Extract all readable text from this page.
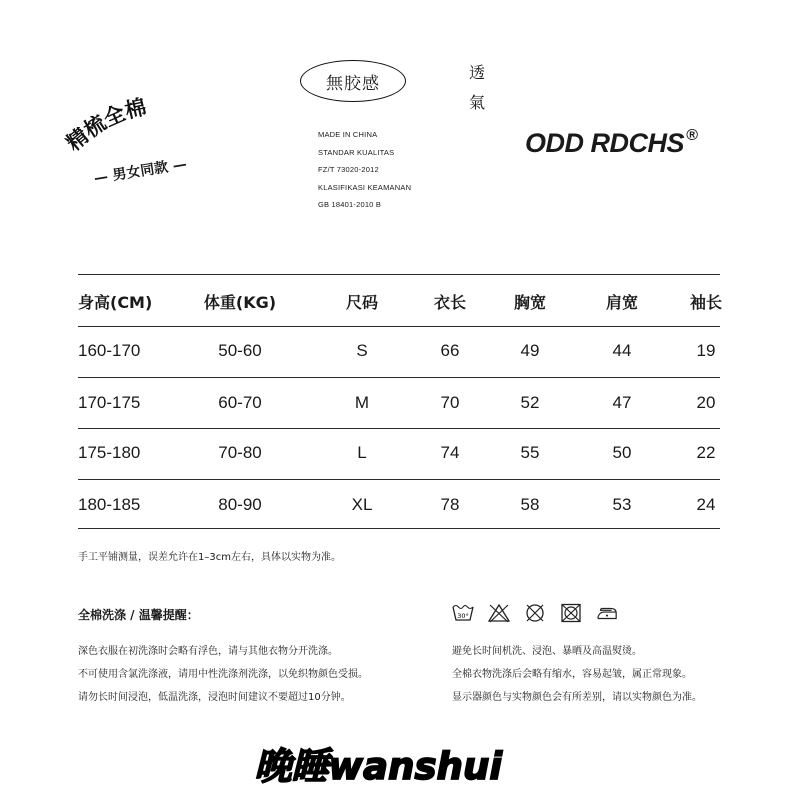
精梳全棉
— 男女同款 —
無胶感
透
氣
MADE IN CHINA
STANDAR KUALITAS
FZ/T 73020-2012
KLASIFIKASI KEAMANAN
GB 18401-2010 B
ODD RDCHS ®
身高(CM)	体重(KG)	尺码	衣长	胸宽	肩宽	袖长
160-170	50-60	S	66	49	44	19
170-175	60-70	M	70	52	47	20
175-180	70-80	L	74	55	50	22
180-185	80-90	XL	78	58	53	24
手工平铺测量，误差允许在1–3cm左右，具体以实物为准。
全棉洗涤 / 温馨提醒：	30°
深色衣服在初洗涤时会略有浮色，请与其他衣物分开洗涤。
不可使用含氯洗涤液，请用中性洗涤剂洗涤，以免织物颜色受损。
请勿长时间浸泡，低温洗涤，浸泡时间建议不要超过10分钟。
避免长时间机洗、浸泡、暴晒及高温熨烫。
全棉衣物洗涤后会略有缩水，容易起皱，属正常现象。
显示器颜色与实物颜色会有所差别，请以实物颜色为准。
晚睡wanshui
